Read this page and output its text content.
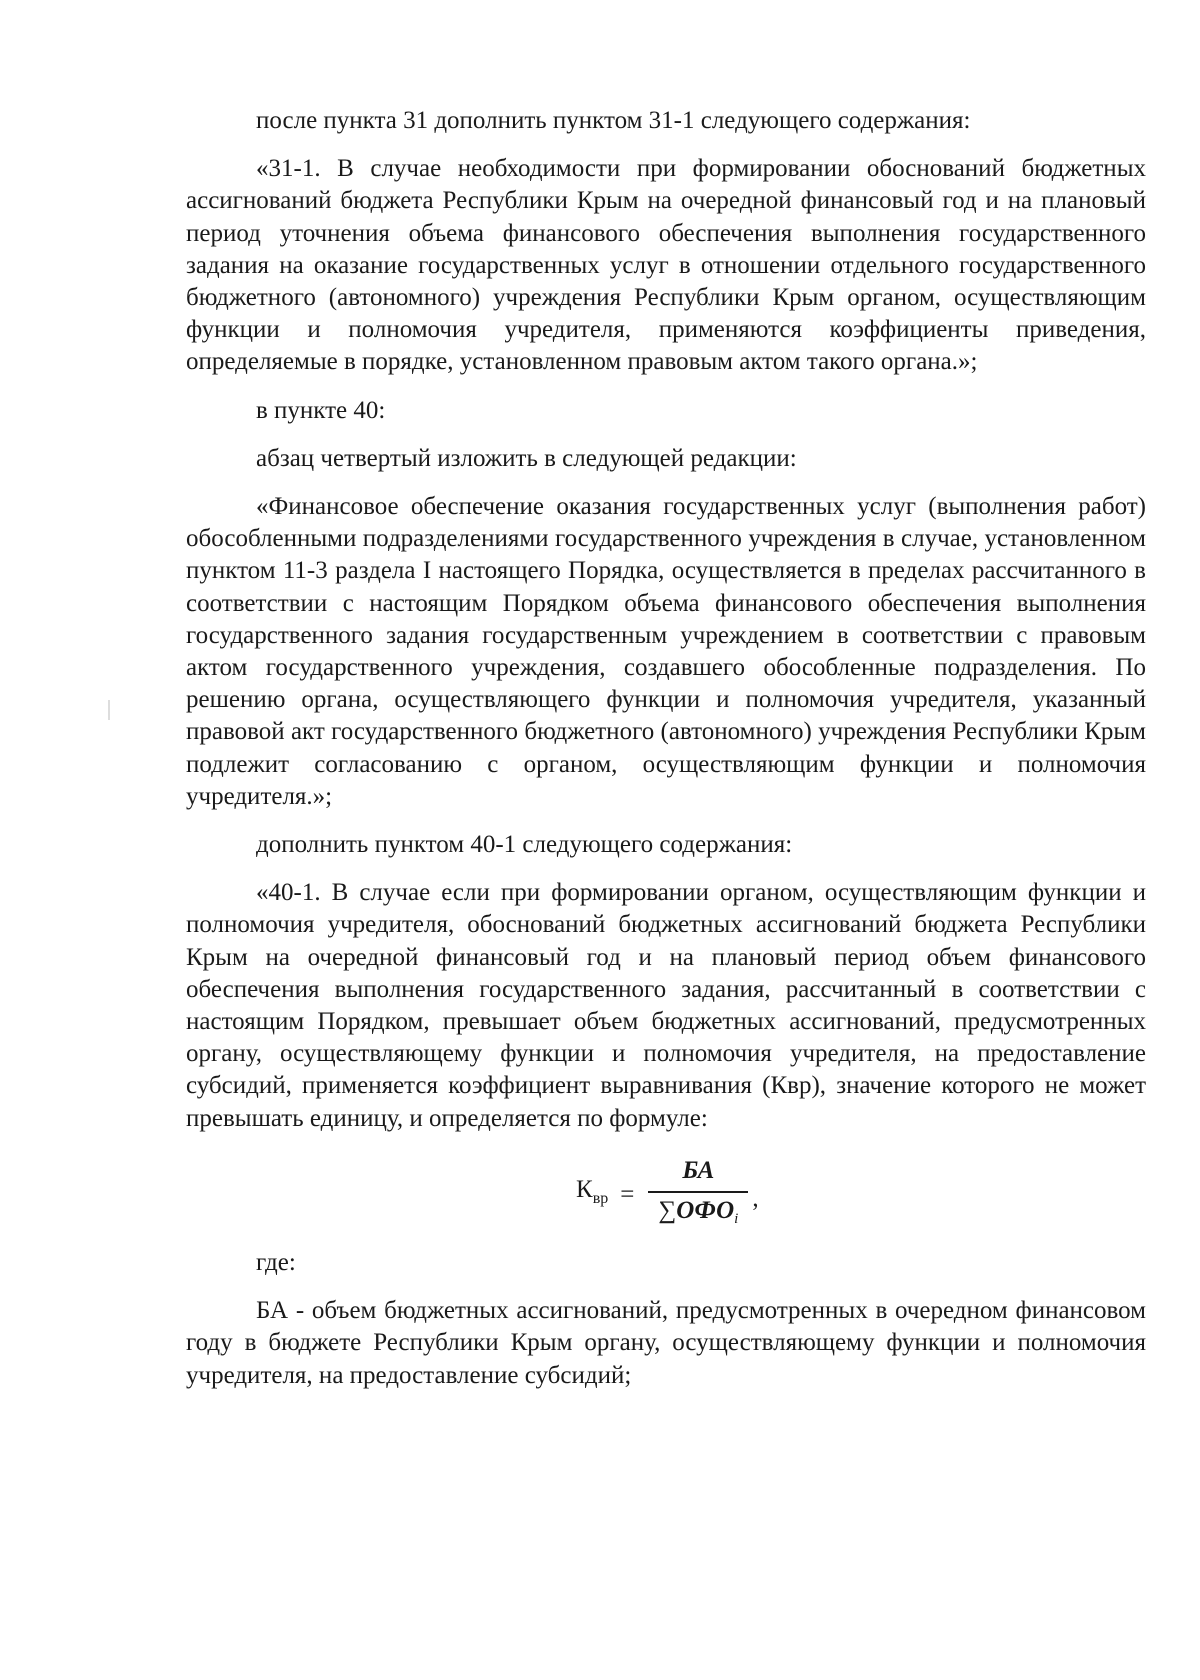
после пункта 31 дополнить пунктом 31-1 следующего содержания:

«31-1. В случае необходимости при формировании обоснований бюджетных ассигнований бюджета Республики Крым на очередной финансовый год и на плановый период уточнения объема финансового обеспечения выполнения государственного задания на оказание государственных услуг в отношении отдельного государственного бюджетного (автономного) учреждения Республики Крым органом, осуществляющим функции и полномочия учредителя, применяются коэффициенты приведения, определяемые в порядке, установленном правовым актом такого органа.»;

в пункте 40:

абзац четвертый изложить в следующей редакции:

«Финансовое обеспечение оказания государственных услуг (выполнения работ) обособленными подразделениями государственного учреждения в случае, установленном пунктом 11-3 раздела I настоящего Порядка, осуществляется в пределах рассчитанного в соответствии с настоящим Порядком объема финансового обеспечения выполнения государственного задания государственным учреждением в соответствии с правовым актом государственного учреждения, создавшего обособленные подразделения. По решению органа, осуществляющего функции и полномочия учредителя, указанный правовой акт государственного бюджетного (автономного) учреждения Республики Крым подлежит согласованию с органом, осуществляющим функции и полномочия учредителя.»;

дополнить пунктом 40-1 следующего содержания:

«40-1. В случае если при формировании органом, осуществляющим функции и полномочия учредителя, обоснований бюджетных ассигнований бюджета Республики Крым на очередной финансовый год и на плановый период объем финансового обеспечения выполнения государственного задания, рассчитанный в соответствии с настоящим Порядком, превышает объем бюджетных ассигнований, предусмотренных органу, осуществляющему функции и полномочия учредителя, на предоставление субсидий, применяется коэффициент выравнивания (Квр), значение которого не может превышать единицу, и определяется по формуле:

$К_{вр} = \frac{БА}{\sum ОФО_i}$ ,

где:

БА - объем бюджетных ассигнований, предусмотренных в очередном финансовом году в бюджете Республики Крым органу, осуществляющему функции и полномочия учредителя, на предоставление субсидий;
